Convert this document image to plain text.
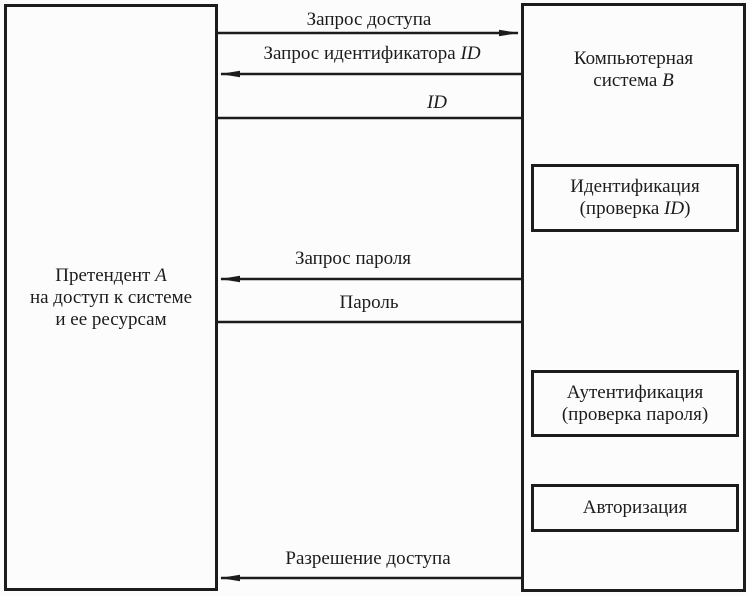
Претендент A
на доступ к системе
и ее ресурсам
Компьютерная
система B
Идентификация
(проверка ID)
Аутентификация
(проверка пароля)
Авторизация
Запрос доступа
Запрос идентификатора ID
ID
Запрос пароля
Пароль
Разрешение доступа
